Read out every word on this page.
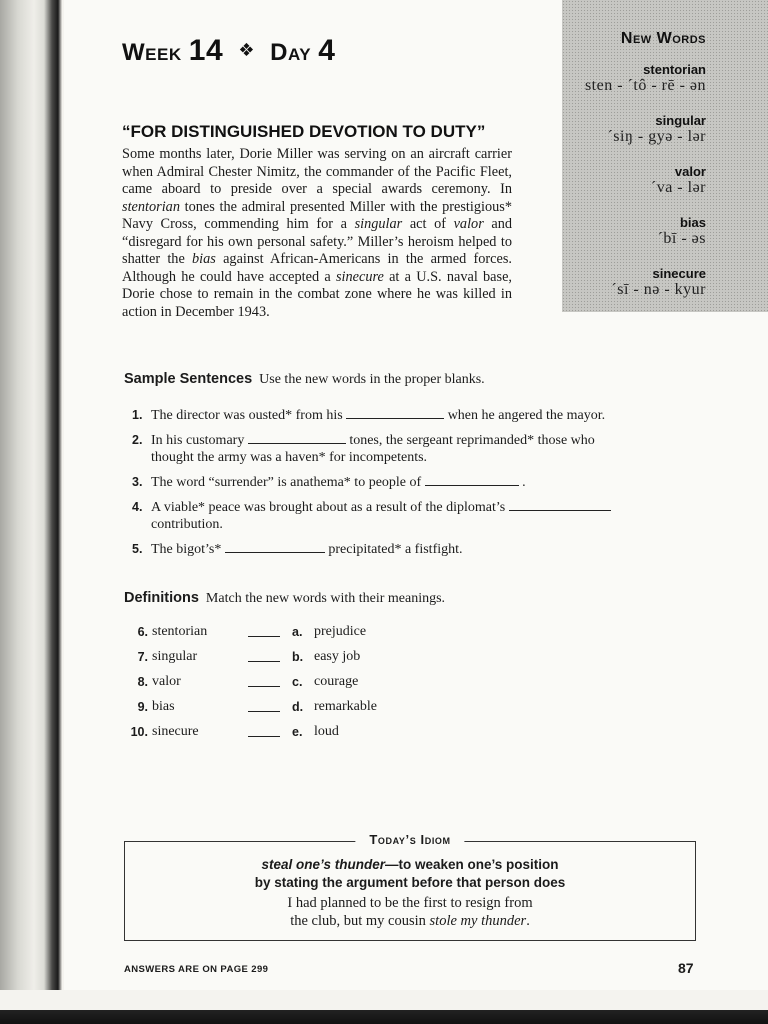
Week 14 ❖ Day 4	New Words
stentorian
sten - ´tô - rē - ən
singular
´siŋ - gyə - lər
valor
´va - lər
bias
´bī - əs
sinecure
´sī - nə - kyur
“FOR DISTINGUISHED DEVOTION TO DUTY”
Some months later, Dorie Miller was serving on an aircraft carrier when Admiral Chester Nimitz, the commander of the Pacific Fleet, came aboard to preside over a special awards ceremony. In stentorian tones the admiral presented Miller with the prestigious* Navy Cross, commending him for a singular act of valor and “disregard for his own personal safety.” Miller’s heroism helped to shatter the bias against African-Americans in the armed forces. Although he could have accepted a sinecure at a U.S. naval base, Dorie chose to remain in the combat zone where he was killed in action in December 1943.
Sample Sentences Use the new words in the proper blanks.
1. The director was ousted* from his	when he angered the mayor.
2. In his customary	tones, the sergeant reprimanded* those who
thought the army was a haven* for incompetents.
3. The word “surrender” is anathema* to people of	.
4. A viable* peace was brought about as a result of the diplomat’s
contribution.
5. The bigot’s*	precipitated* a fistfight.
Definitions Match the new words with their meanings.
6. stentorian	a. prejudice
7. singular	b. easy job
8. valor	c. courage
9. bias	d. remarkable
10. sinecure	e. loud
Today’s Idiom
steal one’s thunder—to weaken one’s position
by stating the argument before that person does
I had planned to be the first to resign from
the club, but my cousin stole my thunder.
ANSWERS ARE ON PAGE 299	87
